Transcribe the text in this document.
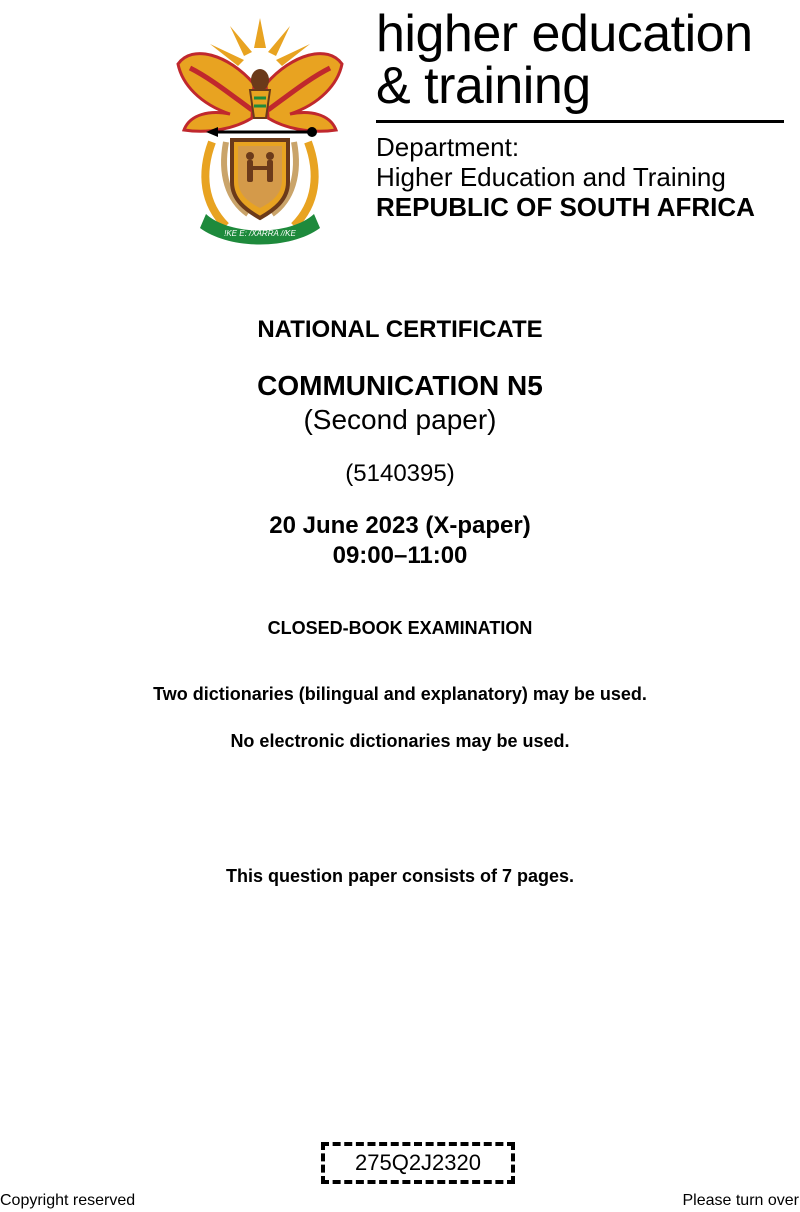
!KE E: /XARRA //KE
higher education
& training
Department:
Higher Education and Training
REPUBLIC OF SOUTH AFRICA
NATIONAL CERTIFICATE
COMMUNICATION N5
(Second paper)
(5140395)
20 June 2023 (X-paper)
09:00–11:00
CLOSED-BOOK EXAMINATION
Two dictionaries (bilingual and explanatory) may be used.
No electronic dictionaries may be used.
This question paper consists of 7 pages.
275Q2J2320
Copyright reserved	Please turn over
